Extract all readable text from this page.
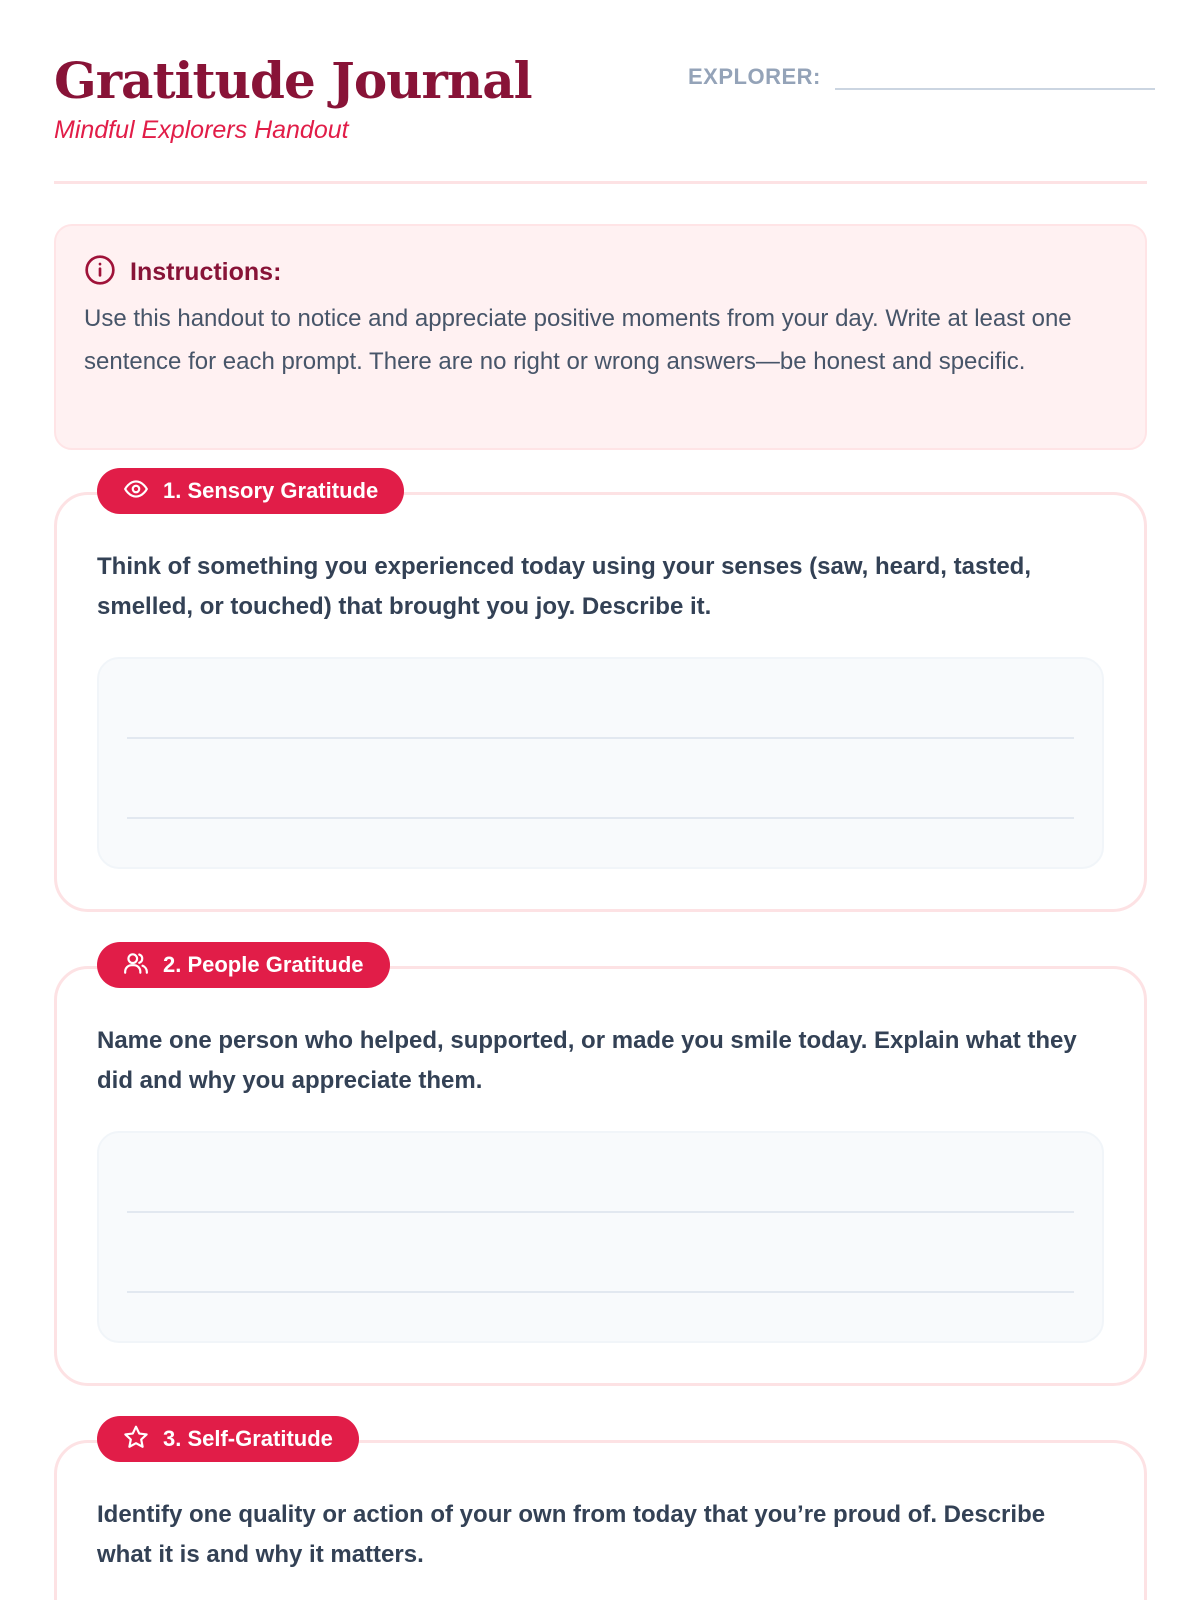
Gratitude Journal
Mindful Explorers Handout
EXPLORER:
Instructions:

Use this handout to notice and appreciate positive moments from your day. Write at least one sentence for each prompt. There are no right or wrong answers—be honest and specific.

1. Sensory Gratitude

Think of something you experienced today using your senses (saw, heard, tasted, smelled, or touched) that brought you joy. Describe it.

2. People Gratitude

Name one person who helped, supported, or made you smile today. Explain what they did and why you appreciate them.

3. Self-Gratitude

Identify one quality or action of your own from today that you’re proud of. Describe what it is and why it matters.
